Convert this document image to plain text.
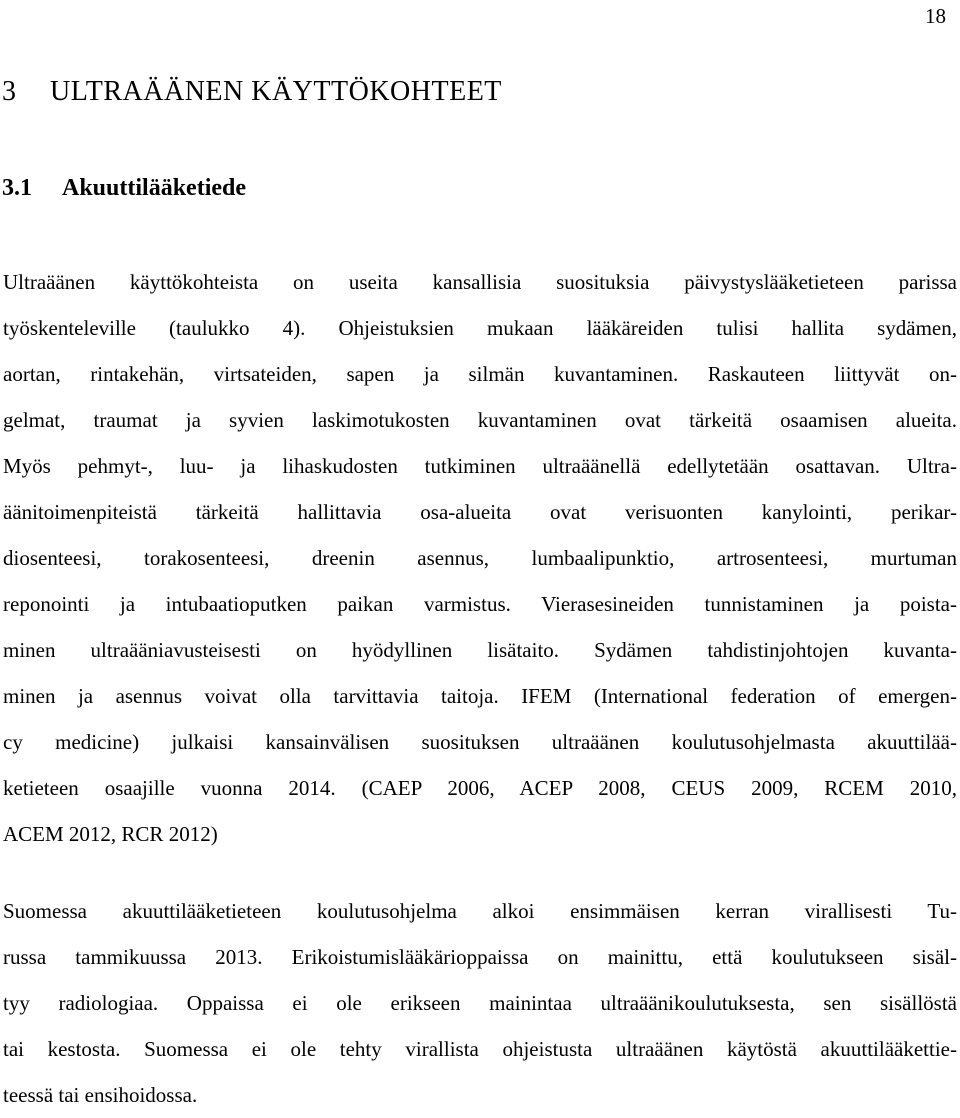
18
3 ULTRAÄÄNEN KÄYTTÖKOHTEET
3.1 Akuuttilääketiede
Ultraäänen käyttökohteista on useita kansallisia suosituksia päivystyslääketieteen parissa
työskenteleville (taulukko 4). Ohjeistuksien mukaan lääkäreiden tulisi hallita sydämen,
aortan, rintakehän, virtsateiden, sapen ja silmän kuvantaminen. Raskauteen liittyvät on-
gelmat, traumat ja syvien laskimotukosten kuvantaminen ovat tärkeitä osaamisen alueita.
Myös pehmyt-, luu- ja lihaskudosten tutkiminen ultraäänellä edellytetään osattavan. Ultra-
äänitoimenpiteistä tärkeitä hallittavia osa-alueita ovat verisuonten kanylointi, perikar-
diosenteesi, torakosenteesi, dreenin asennus, lumbaalipunktio, artrosenteesi, murtuman
reponointi ja intubaatioputken paikan varmistus. Vierasesineiden tunnistaminen ja poista-
minen ultraääniavusteisesti on hyödyllinen lisätaito. Sydämen tahdistinjohtojen kuvanta-
minen ja asennus voivat olla tarvittavia taitoja. IFEM (International federation of emergen-
cy medicine) julkaisi kansainvälisen suosituksen ultraäänen koulutusohjelmasta akuuttilää-
ketieteen osaajille vuonna 2014. (CAEP 2006, ACEP 2008, CEUS 2009, RCEM 2010,
ACEM 2012, RCR 2012)
Suomessa akuuttilääketieteen koulutusohjelma alkoi ensimmäisen kerran virallisesti Tu-
russa tammikuussa 2013. Erikoistumislääkärioppaissa on mainittu, että koulutukseen sisäl-
tyy radiologiaa. Oppaissa ei ole erikseen mainintaa ultraäänikoulutuksesta, sen sisällöstä
tai kestosta. Suomessa ei ole tehty virallista ohjeistusta ultraäänen käytöstä akuuttilääkettie-
teessä tai ensihoidossa.
